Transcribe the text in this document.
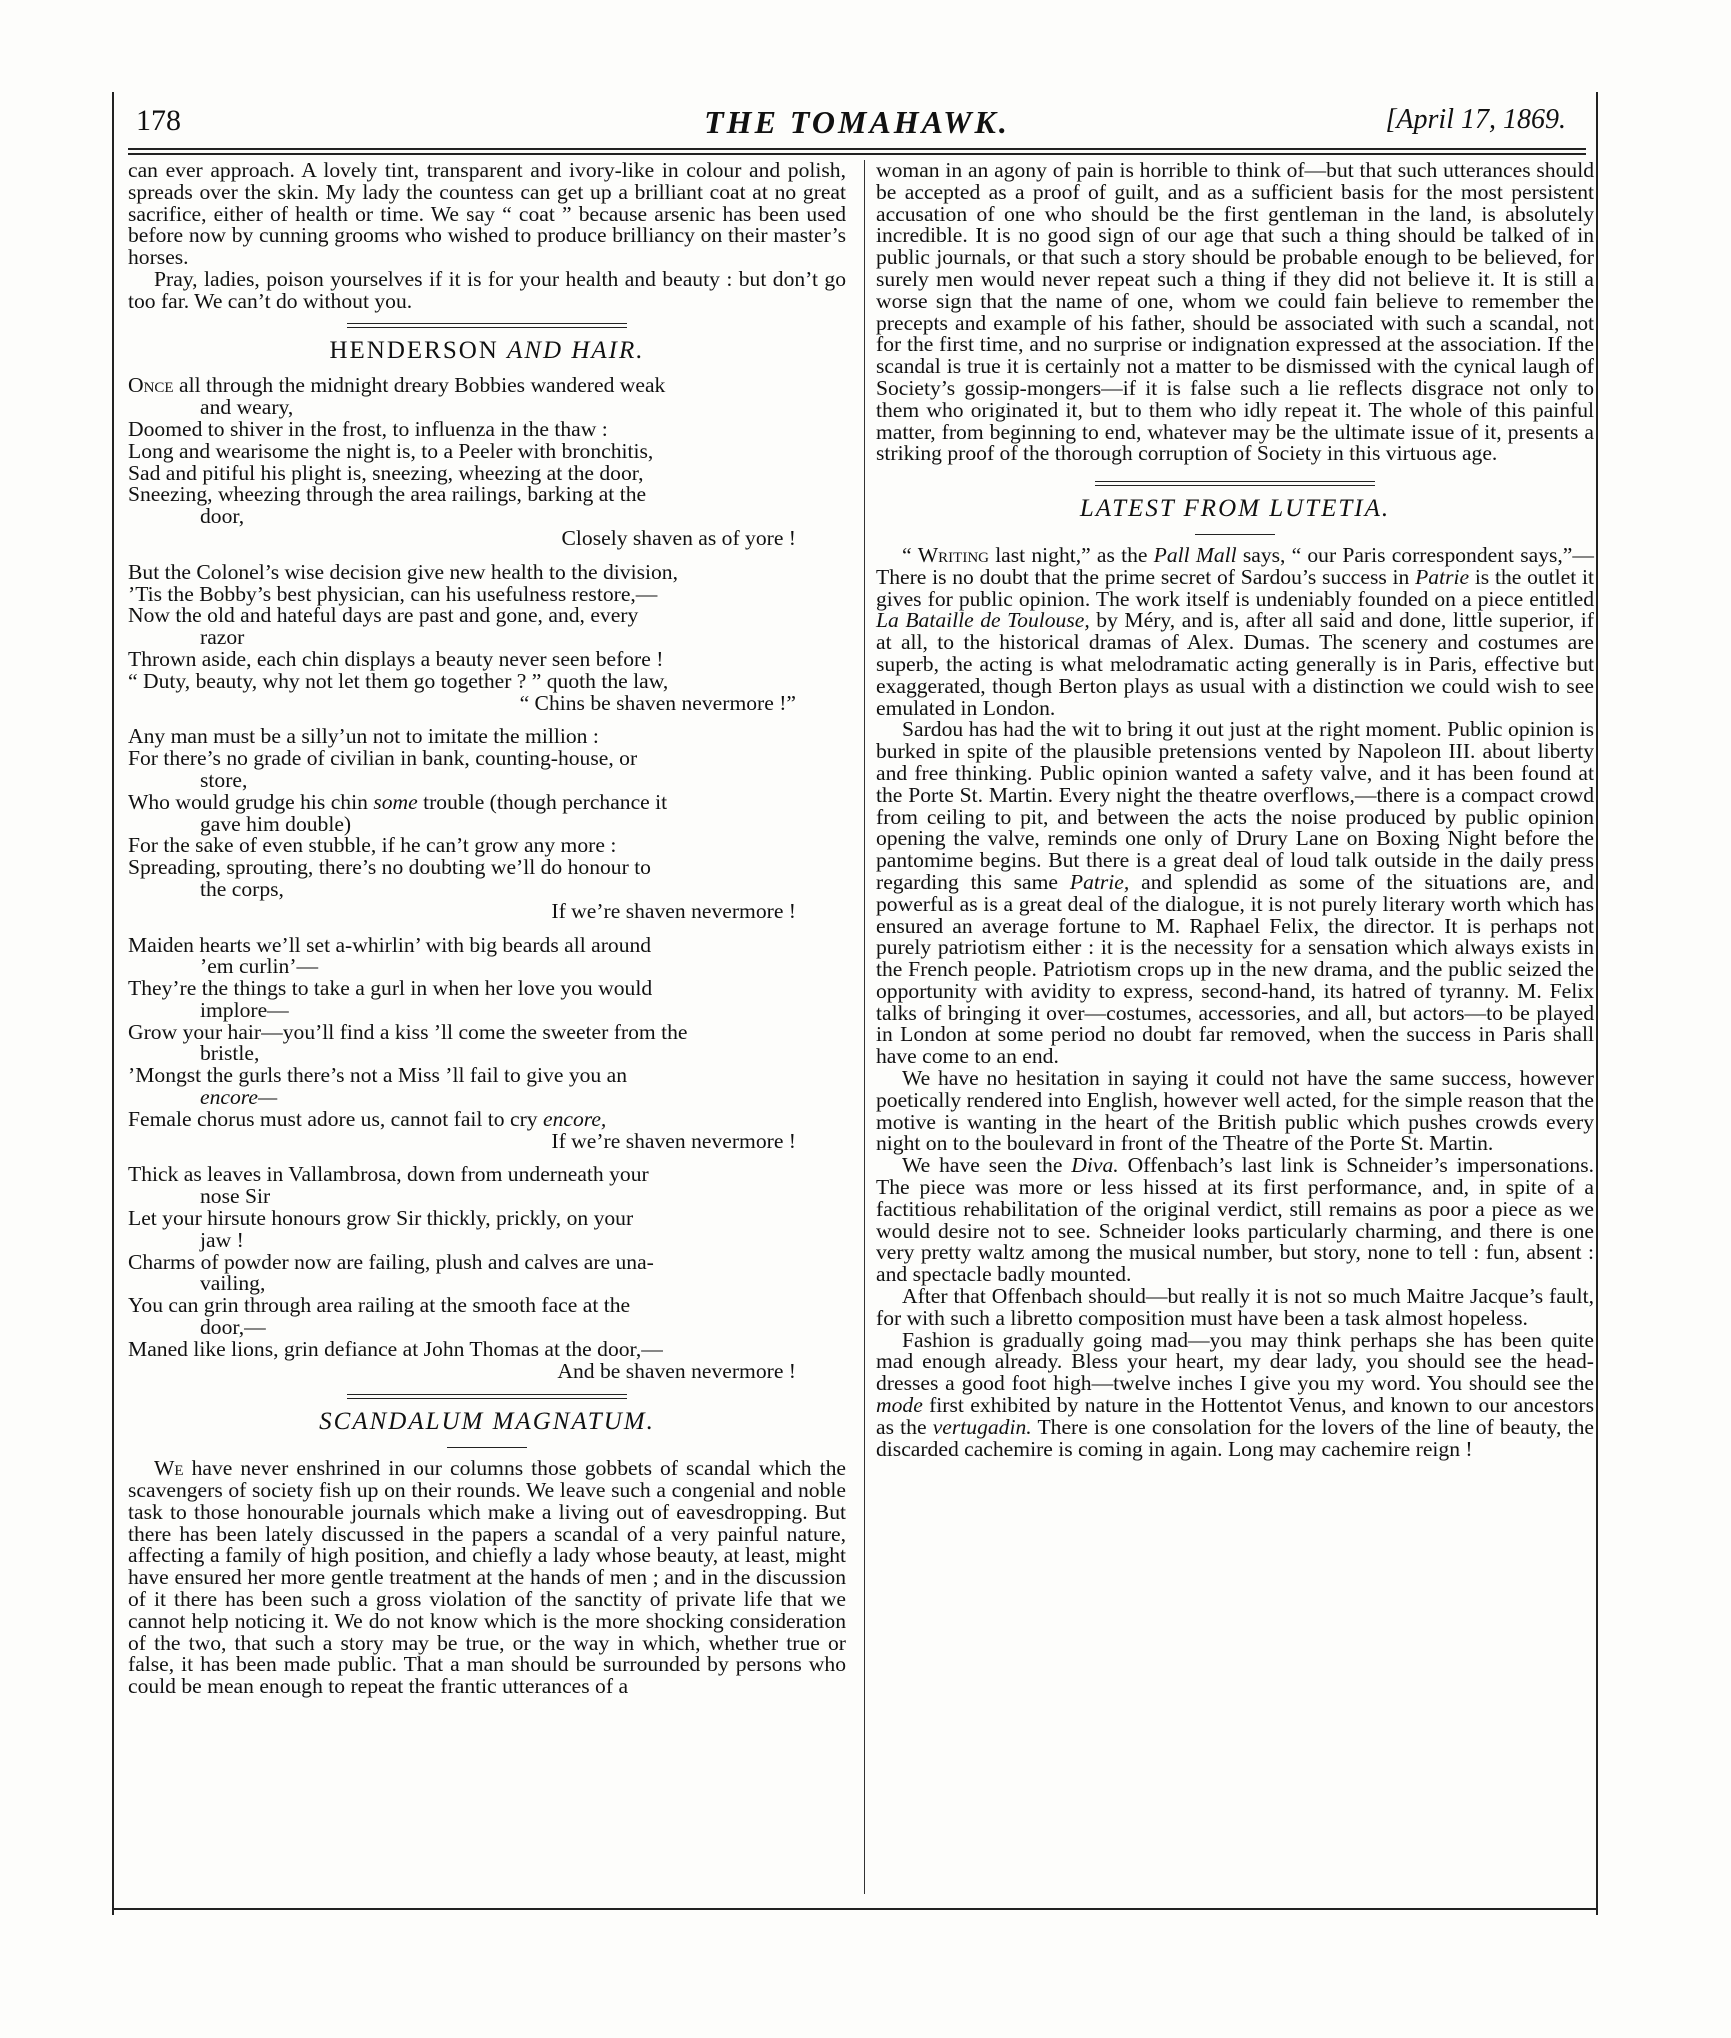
178	THE TOMAHAWK.	[April 17, 1869.

can ever approach. A lovely tint, transparent and ivory-like in colour and polish, spreads over the skin. My lady the countess can get up a brilliant coat at no great sacrifice, either of health or time. We say “ coat ” because arsenic has been used before now by cunning grooms who wished to produce brilliancy on their master’s horses.

Pray, ladies, poison yourselves if it is for your health and beauty : but don’t go too far. We can’t do without you.

HENDERSON AND HAIR.
Once all through the midnight dreary Bobbies wandered weak
and weary,
Doomed to shiver in the frost, to influenza in the thaw :
Long and wearisome the night is, to a Peeler with bronchitis,
Sad and pitiful his plight is, sneezing, wheezing at the door,
Sneezing, wheezing through the area railings, barking at the
door,
Closely shaven as of yore !
But the Colonel’s wise decision give new health to the division,
’Tis the Bobby’s best physician, can his usefulness restore,—
Now the old and hateful days are past and gone, and, every
razor
Thrown aside, each chin displays a beauty never seen before !
“ Duty, beauty, why not let them go together ? ” quoth the law,
“ Chins be shaven nevermore !”
Any man must be a silly’un not to imitate the million :
For there’s no grade of civilian in bank, counting-house, or
store,
Who would grudge his chin some trouble (though perchance it
gave him double)
For the sake of even stubble, if he can’t grow any more :
Spreading, sprouting, there’s no doubting we’ll do honour to
the corps,
If we’re shaven nevermore !
Maiden hearts we’ll set a-whirlin’ with big beards all around
’em curlin’—
They’re the things to take a gurl in when her love you would
implore—
Grow your hair—you’ll find a kiss ’ll come the sweeter from the
bristle,
’Mongst the gurls there’s not a Miss ’ll fail to give you an
encore—
Female chorus must adore us, cannot fail to cry encore,
If we’re shaven nevermore !
Thick as leaves in Vallambrosa, down from underneath your
nose Sir
Let your hirsute honours grow Sir thickly, prickly, on your
jaw !
Charms of powder now are failing, plush and calves are una-
vailing,
You can grin through area railing at the smooth face at the
door,—
Maned like lions, grin defiance at John Thomas at the door,—
And be shaven nevermore !
SCANDALUM MAGNATUM.

We have never enshrined in our columns those gobbets of scandal which the scavengers of society fish up on their rounds. We leave such a congenial and noble task to those honourable journals which make a living out of eavesdropping. But there has been lately discussed in the papers a scandal of a very painful nature, affecting a family of high position, and chiefly a lady whose beauty, at least, might have ensured her more gentle treatment at the hands of men ; and in the discussion of it there has been such a gross violation of the sanctity of private life that we cannot help noticing it. We do not know which is the more shocking consideration of the two, that such a story may be true, or the way in which, whether true or false, it has been made public. That a man should be surrounded by persons who could be mean enough to repeat the frantic utterances of a

woman in an agony of pain is horrible to think of—but that such utterances should be accepted as a proof of guilt, and as a sufficient basis for the most persistent accusation of one who should be the first gentleman in the land, is absolutely incredible. It is no good sign of our age that such a thing should be talked of in public journals, or that such a story should be probable enough to be believed, for surely men would never repeat such a thing if they did not believe it. It is still a worse sign that the name of one, whom we could fain believe to remember the precepts and example of his father, should be associated with such a scandal, not for the first time, and no surprise or indignation expressed at the association. If the scandal is true it is certainly not a matter to be dismissed with the cynical laugh of Society’s gossip-mongers—if it is false such a lie reflects disgrace not only to them who originated it, but to them who idly repeat it. The whole of this painful matter, from beginning to end, whatever may be the ultimate issue of it, presents a striking proof of the thorough corruption of Society in this virtuous age.

LATEST FROM LUTETIA.

“ Writing last night,” as the Pall Mall says, “ our Paris correspondent says,”—There is no doubt that the prime secret of Sardou’s success in Patrie is the outlet it gives for public opinion. The work itself is undeniably founded on a piece entitled La Bataille de Toulouse, by Méry, and is, after all said and done, little superior, if at all, to the historical dramas of Alex. Dumas. The scenery and costumes are superb, the acting is what melodramatic acting generally is in Paris, effective but exaggerated, though Berton plays as usual with a distinction we could wish to see emulated in London.

Sardou has had the wit to bring it out just at the right moment. Public opinion is burked in spite of the plausible pretensions vented by Napoleon III. about liberty and free thinking. Public opinion wanted a safety valve, and it has been found at the Porte St. Martin. Every night the theatre overflows,—there is a compact crowd from ceiling to pit, and between the acts the noise produced by public opinion opening the valve, reminds one only of Drury Lane on Boxing Night before the pantomime begins. But there is a great deal of loud talk outside in the daily press regarding this same Patrie, and splendid as some of the situations are, and powerful as is a great deal of the dialogue, it is not purely literary worth which has ensured an average fortune to M. Raphael Felix, the director. It is perhaps not purely patriotism either : it is the necessity for a sensation which always exists in the French people. Patriotism crops up in the new drama, and the public seized the opportunity with avidity to express, second-hand, its hatred of tyranny. M. Felix talks of bringing it over—costumes, accessories, and all, but actors—to be played in London at some period no doubt far removed, when the success in Paris shall have come to an end.

We have no hesitation in saying it could not have the same success, however poetically rendered into English, however well acted, for the simple reason that the motive is wanting in the heart of the British public which pushes crowds every night on to the boulevard in front of the Theatre of the Porte St. Martin.

We have seen the Diva. Offenbach’s last link is Schneider’s impersonations. The piece was more or less hissed at its first performance, and, in spite of a factitious rehabilitation of the original verdict, still remains as poor a piece as we would desire not to see. Schneider looks particularly charming, and there is one very pretty waltz among the musical number, but story, none to tell : fun, absent : and spectacle badly mounted.

After that Offenbach should—but really it is not so much Maitre Jacque’s fault, for with such a libretto composition must have been a task almost hopeless.

Fashion is gradually going mad—you may think perhaps she has been quite mad enough already. Bless your heart, my dear lady, you should see the head-dresses a good foot high—twelve inches I give you my word. You should see the mode first exhibited by nature in the Hottentot Venus, and known to our ancestors as the vertugadin. There is one consolation for the lovers of the line of beauty, the discarded cachemire is coming in again. Long may cachemire reign !
